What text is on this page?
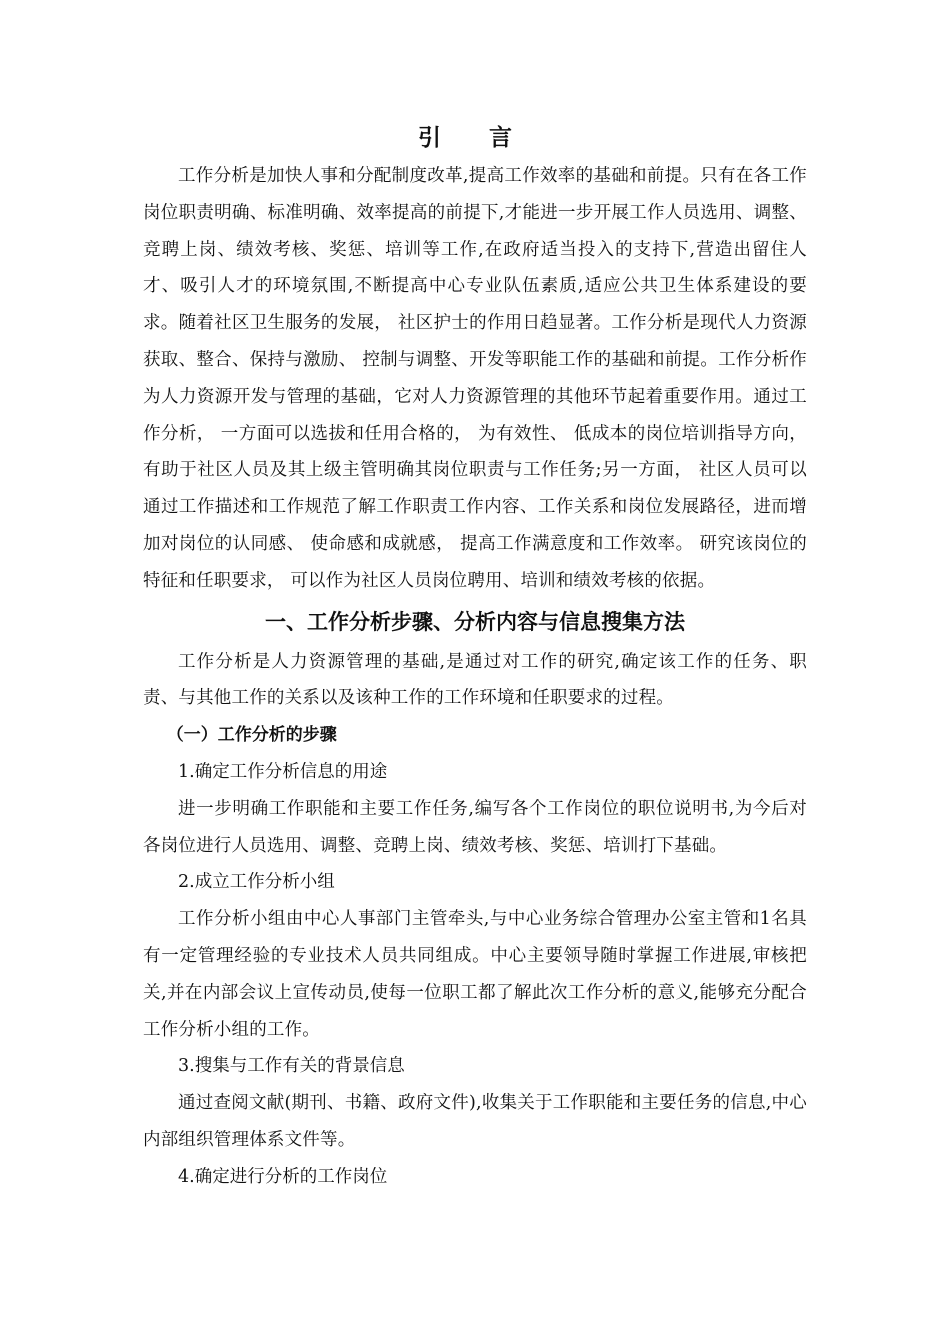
引 言

工作分析是加快人事和分配制度改革,提高工作效率的基础和前提。只有在各工作岗位职责明确、标准明确、效率提高的前提下,才能进一步开展工作人员选用、调整、竞聘上岗、绩效考核、奖惩、培训等工作,在政府适当投入的支持下,营造出留住人才、吸引人才的环境氛围,不断提高中心专业队伍素质,适应公共卫生体系建设的要求。随着社区卫生服务的发展， 社区护士的作用日趋显著。工作分析是现代人力资源获取、整合、保持与激励、 控制与调整、开发等职能工作的基础和前提。工作分析作为人力资源开发与管理的基础，它对人力资源管理的其他环节起着重要作用。通过工作分析， 一方面可以选拔和任用合格的， 为有效性、 低成本的岗位培训指导方向， 有助于社区人员及其上级主管明确其岗位职责与工作任务;另一方面， 社区人员可以通过工作描述和工作规范了解工作职责工作内容、工作关系和岗位发展路径，进而增加对岗位的认同感、 使命感和成就感， 提高工作满意度和工作效率。 研究该岗位的特征和任职要求， 可以作为社区人员岗位聘用、培训和绩效考核的依据。

一、工作分析步骤、分析内容与信息搜集方法

工作分析是人力资源管理的基础,是通过对工作的研究,确定该工作的任务、职责、与其他工作的关系以及该种工作的工作环境和任职要求的过程。

（一）工作分析的步骤

1.确定工作分析信息的用途

进一步明确工作职能和主要工作任务,编写各个工作岗位的职位说明书,为今后对各岗位进行人员选用、调整、竞聘上岗、绩效考核、奖惩、培训打下基础。

2.成立工作分析小组

工作分析小组由中心人事部门主管牵头,与中心业务综合管理办公室主管和1名具有一定管理经验的专业技术人员共同组成。中心主要领导随时掌握工作进展,审核把关,并在内部会议上宣传动员,使每一位职工都了解此次工作分析的意义,能够充分配合工作分析小组的工作。

3.搜集与工作有关的背景信息

通过查阅文献(期刊、书籍、政府文件),收集关于工作职能和主要任务的信息,中心内部组织管理体系文件等。

4.确定进行分析的工作岗位
